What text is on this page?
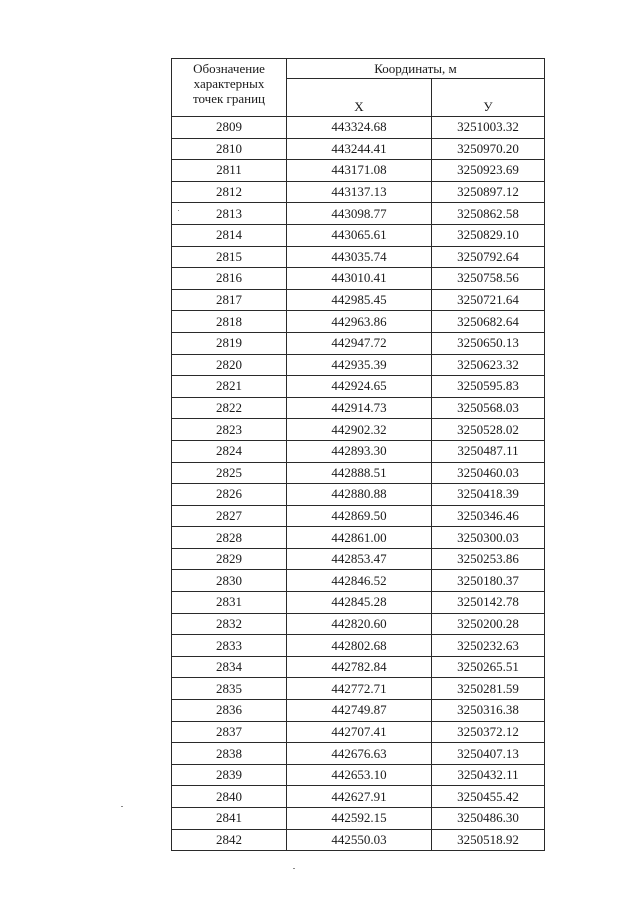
Обозначение
характерных
точек границ	Координаты, м	
	X	У
2809	443324.68	3251003.32
2810	443244.41	3250970.20
2811	443171.08	3250923.69
2812	443137.13	3250897.12
2813	443098.77	3250862.58
2814	443065.61	3250829.10
2815	443035.74	3250792.64
2816	443010.41	3250758.56
2817	442985.45	3250721.64
2818	442963.86	3250682.64
2819	442947.72	3250650.13
2820	442935.39	3250623.32
2821	442924.65	3250595.83
2822	442914.73	3250568.03
2823	442902.32	3250528.02
2824	442893.30	3250487.11
2825	442888.51	3250460.03
2826	442880.88	3250418.39
2827	442869.50	3250346.46
2828	442861.00	3250300.03
2829	442853.47	3250253.86
2830	442846.52	3250180.37
2831	442845.28	3250142.78
2832	442820.60	3250200.28
2833	442802.68	3250232.63
2834	442782.84	3250265.51
2835	442772.71	3250281.59
2836	442749.87	3250316.38
2837	442707.41	3250372.12
2838	442676.63	3250407.13
2839	442653.10	3250432.11
2840	442627.91	3250455.42
2841	442592.15	3250486.30
2842	442550.03	3250518.92
